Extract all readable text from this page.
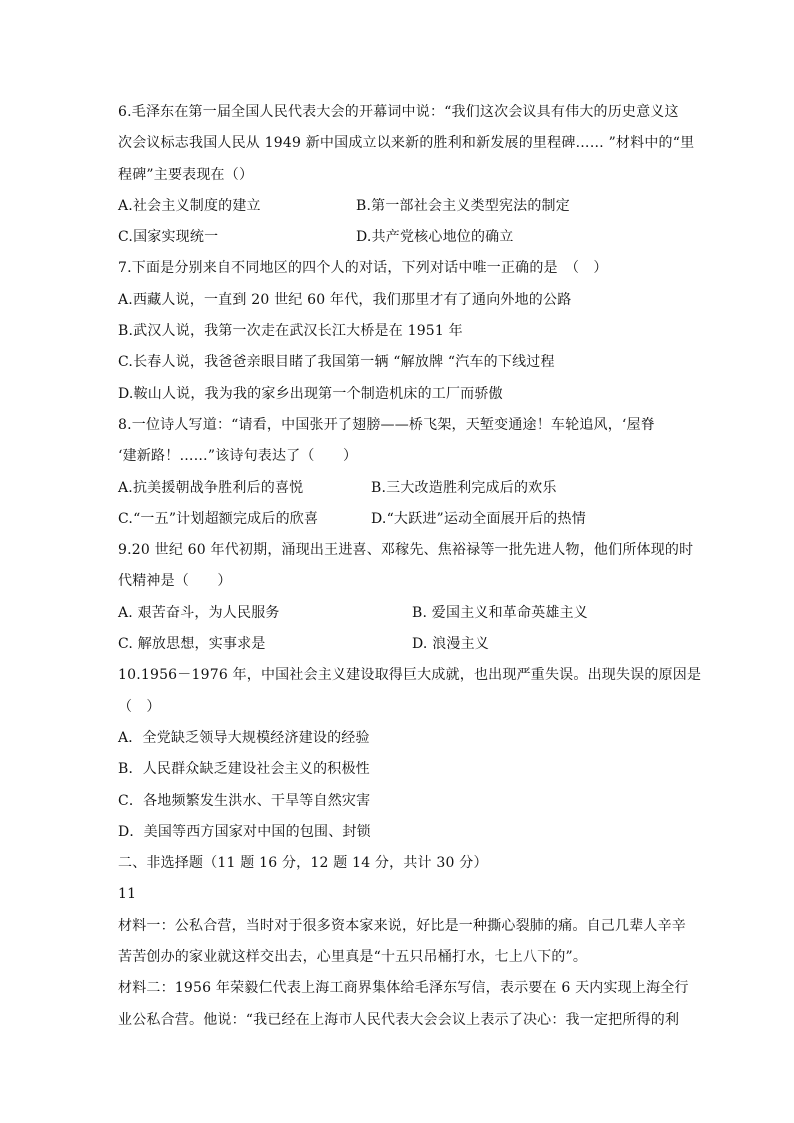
6.毛泽东在第一届全国人民代表大会的开幕词中说：“我们这次会议具有伟大的历史意义这
次会议标志我国人民从 1949 新中国成立以来新的胜利和新发展的里程碑…… ”材料中的“里
程碑”主要表现在（）
A.社会主义制度的建立	B.第一部社会主义类型宪法的制定
C.国家实现统一	D.共产党核心地位的确立
7.下面是分别来自不同地区的四个人的对话，下列对话中唯一正确的是　（　）
A.西藏人说，一直到 20 世纪 60 年代，我们那里才有了通向外地的公路
B.武汉人说，我第一次走在武汉长江大桥是在 1951 年
C.长春人说，我爸爸亲眼目睹了我国第一辆 “解放牌 “汽车的下线过程
D.鞍山人说，我为我的家乡出现第一个制造机床的工厂而骄傲
8.一位诗人写道：“请看，中国张开了翅膀——桥飞架，天堑变通途！车轮追风，‘屋脊
‘建新路！……”该诗句表达了（　　）
A.抗美援朝战争胜利后的喜悦	B.三大改造胜利完成后的欢乐
C.“一五”计划超额完成后的欣喜	D.“大跃进”运动全面展开后的热情
9.20 世纪 60 年代初期，涌现出王进喜、邓稼先、焦裕禄等一批先进人物，他们所体现的时
代精神是（　　）
A. 艰苦奋斗，为人民服务	B. 爱国主义和革命英雄主义
C. 解放思想，实事求是	D. 浪漫主义
10.1956－1976 年，中国社会主义建设取得巨大成就，也出现严重失误。出现失误的原因是
（　）
A．全党缺乏领导大规模经济建设的经验
B．人民群众缺乏建设社会主义的积极性
C．各地频繁发生洪水、干旱等自然灾害
D．美国等西方国家对中国的包围、封锁
二、非选择题（11 题 16 分，12 题 14 分，共计 30 分）
11
材料一：公私合营，当时对于很多资本家来说，好比是一种撕心裂肺的痛。自己几辈人辛辛
苦苦创办的家业就这样交出去，心里真是“十五只吊桶打水，七上八下的”。
材料二：1956 年荣毅仁代表上海工商界集体给毛泽东写信，表示要在 6 天内实现上海全行
业公私合营。他说：“我已经在上海市人民代表大会会议上表示了决心：我一定把所得的利
